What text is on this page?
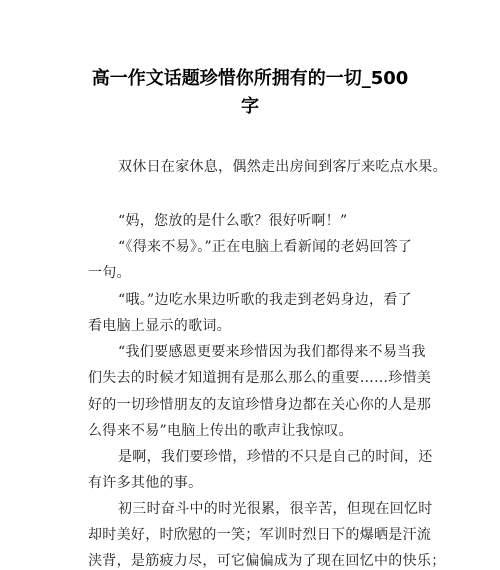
高一作文话题珍惜你所拥有的一切_500
字
双休日在家休息，偶然走出房间到客厅来吃点水果。
“妈，您放的是什么歌？很好听啊！”
“《得来不易》。”正在电脑上看新闻的老妈回答了
一句。
“哦。”边吃水果边听歌的我走到老妈身边，看了
看电脑上显示的歌词。
“我们要感恩更要来珍惜因为我们都得来不易当我
们失去的时候才知道拥有是那么那么的重要……珍惜美
好的一切珍惜朋友的友谊珍惜身边都在关心你的人是那
么得来不易”电脑上传出的歌声让我惊叹。
是啊，我们要珍惜，珍惜的不只是自己的时间，还
有许多其他的事。
初三时奋斗中的时光很累，很辛苦，但现在回忆时
却时美好，时欣慰的一笑；军训时烈日下的爆晒是汗流
浃背，是筋疲力尽，可它偏偏成为了现在回忆中的快乐；
